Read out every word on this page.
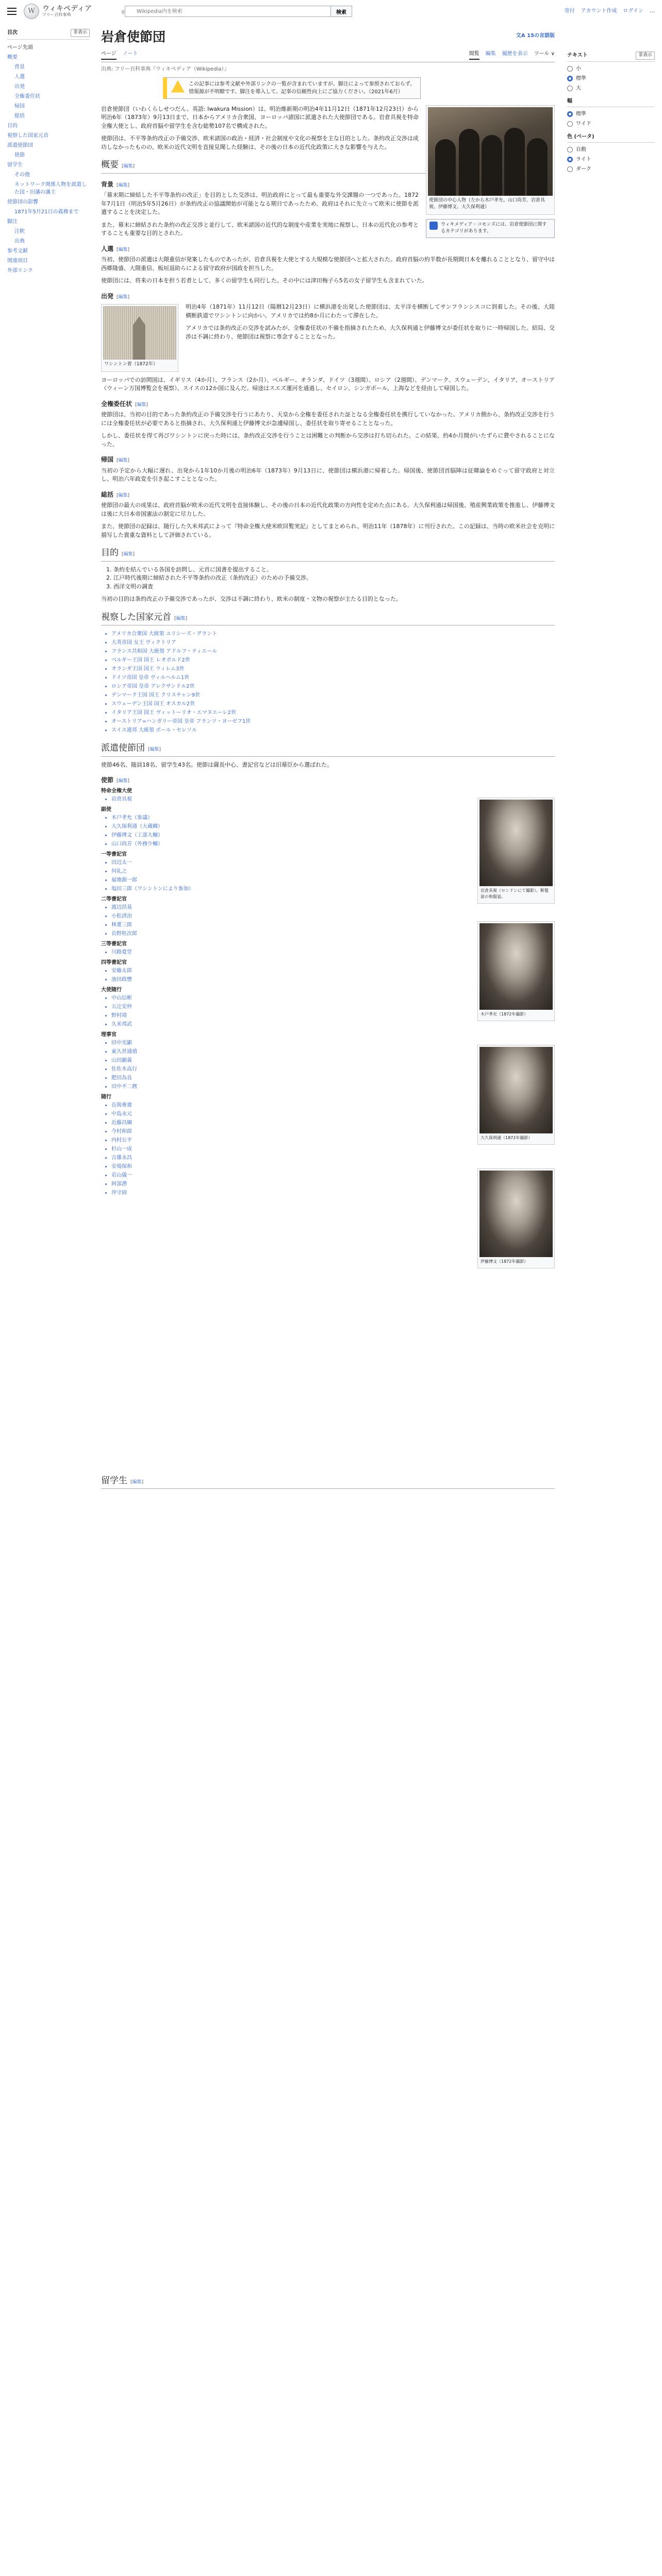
W	ウィキペディア
フリー百科事典	⚲
Wikipedia内を検索	検索	寄付 アカウント作成 ログイン …
目次	非表示
ページ先頭
概要
背景
人選
出発
全権委任状
帰国
総括
目的
視察した国家元首
派遣使節団
使節
留学生
その他
ネットワーク関係人物を派遣した国・旧藩の藩主
使節団の影響
1871年5月21日の義務まで
脚注
注釈
出典
参考文献
関連項目
外部リンク
岩倉使節団	文A 15の言語版
ページ ノート	閲覧 編集 履歴を表示 ツール ∨
出典: フリー百科事典『ウィキペディア（Wikipedia）』
この記事には参考文献や外部リンクの一覧が含まれていますが、脚注によって参照されておらず、情報源が不明瞭です。脚注を導入して、記事の信頼性向上にご協力ください。（2021年6月）
使節団の中心人物（左から木戸孝允、山口尚芳、岩倉具視、伊藤博文、大久保利通）

岩倉使節団（いわくらしせつだん、英語: Iwakura Mission）は、明治維新期の明治4年11月12日（1871年12月23日）から明治6年（1873年）9月13日まで、日本からアメリカ合衆国、ヨーロッパ諸国に派遣された大使節団である。岩倉具視を特命全権大使とし、政府首脳や留学生を含む総勢107名で構成された。

使節団は、不平等条約改正の予備交渉、欧米諸国の政治・経済・社会制度や文化の視察を主な目的とした。条約改正交渉は成功しなかったものの、欧米の近代文明を直接見聞した経験は、その後の日本の近代化政策に大きな影響を与えた。

ウィキメディア・コモンズには、岩倉使節団に関するカテゴリがあります。
概要 [編集]
背景 [編集]

「幕末期に締結した不平等条約の改正」を目的とした交渉は、明治政府にとって最も重要な外交課題の一つであった。1872年7月1日（明治5年5月26日）が条約改正の協議開始が可能となる期日であったため、政府はそれに先立って欧米に使節を派遣することを決定した。

また、幕末に締結された条約の改正交渉と並行して、欧米諸国の近代的な制度や産業を実地に視察し、日本の近代化の参考とすることも重要な目的とされた。

人選 [編集]

当初、使節団の派遣は大隈重信が発案したものであったが、岩倉具視を大使とする大規模な使節団へと拡大された。政府首脳の約半数が長期間日本を離れることとなり、留守中は西郷隆盛、大隈重信、板垣退助らによる留守政府が国政を担当した。

使節団には、将来の日本を担う若者として、多くの留学生も同行した。その中には津田梅子ら5名の女子留学生も含まれていた。

出発 [編集]
ワシントン着（1872年）

明治4年（1871年）11月12日（陽暦12月23日）に横浜港を出発した使節団は、太平洋を横断してサンフランシスコに到着した。その後、大陸横断鉄道でワシントンに向かい、アメリカでは約8か月にわたって滞在した。

アメリカでは条約改正の交渉を試みたが、全権委任状の不備を指摘されたため、大久保利通と伊藤博文が委任状を取りに一時帰国した。結局、交渉は不調に終わり、使節団は視察に専念することとなった。

ヨーロッパでの訪問国は、イギリス（4か月）、フランス（2か月）、ベルギー、オランダ、ドイツ（3週間）、ロシア（2週間）、デンマーク、スウェーデン、イタリア、オーストリア（ウィーン万国博覧会を視察）、スイスの12か国に及んだ。帰途はスエズ運河を通過し、セイロン、シンガポール、上海などを経由して帰国した。

全権委任状 [編集]

使節団は、当初の目的であった条約改正の予備交渉を行うにあたり、天皇から全権を委任された証となる全権委任状を携行していなかった。アメリカ側から、条約改正交渉を行うには全権委任状が必要であると指摘され、大久保利通と伊藤博文が急遽帰国し、委任状を取り寄せることとなった。

しかし、委任状を得て再びワシントンに戻った時には、条約改正交渉を行うことは困難との判断から交渉は打ち切られた。この結果、約4か月間がいたずらに費やされることになった。

帰国 [編集]

当初の予定から大幅に遅れ、出発から1年10か月後の明治6年（1873年）9月13日に、使節団は横浜港に帰着した。帰国後、使節団首脳陣は征韓論をめぐって留守政府と対立し、明治六年政変を引き起こすこととなった。

総括 [編集]

使節団の最大の成果は、政府首脳が欧米の近代文明を直接体験し、その後の日本の近代化政策の方向性を定めた点にある。大久保利通は帰国後、殖産興業政策を推進し、伊藤博文は後に大日本帝国憲法の制定に尽力した。

また、使節団の記録は、随行した久米邦武によって『特命全権大使米欧回覧実記』としてまとめられ、明治11年（1878年）に刊行された。この記録は、当時の欧米社会を克明に描写した貴重な資料として評価されている。

目的 [編集]
1. 条約を結んでいる各国を訪問し、元首に国書を提出すること。
2. 江戸時代後期に締結された不平等条約の改正（条約改正）のための予備交渉。
3. 西洋文明の調査

当初の目的は条約改正の予備交渉であったが、交渉は不調に終わり、欧米の制度・文物の視察が主たる目的となった。

視察した国家元首 [編集]
• アメリカ合衆国 大統領 ユリシーズ・グラント
• 大英帝国 女王 ヴィクトリア
• フランス共和国 大統領 アドルフ・ティエール
• ベルギー王国 国王 レオポルド2世
• オランダ王国 国王 ウィレム3世
• ドイツ帝国 皇帝 ヴィルヘルム1世
• ロシア帝国 皇帝 アレクサンドル2世
• デンマーク王国 国王 クリスチャン9世
• スウェーデン王国 国王 オスカル2世
• イタリア王国 国王 ヴィットーリオ・エマヌエーレ2世
• オーストリア=ハンガリー帝国 皇帝 フランツ・ヨーゼフ1世
• スイス連邦 大統領 ポール・セレソル
派遣使節団 [編集]

使節46名、随員18名、留学生43名。使節は薩長中心、書記官などは旧幕臣から選ばれた。

使節 [編集]
特命全権大使
• 岩倉具視
副使
• 木戸孝允（参議）
• 大久保利通（大蔵卿）
• 伊藤博文（工部大輔）
• 山口尚芳（外務少輔）
一等書記官
• 田辺太一
• 何礼之
• 福地源一郎
• 塩田三郎（ワシントンにより参加）
二等書記官
• 渡辺洪基
• 小松済治
• 林董三郎
• 長野桂次郎
三等書記官
• 川路寛堂
四等書記官
• 安藤太郎
• 池田政懋
大使随行
• 中山信彬
• 五辻安仲
• 野村靖
• 久米邦武
理事官
• 田中光顕
• 東久世通禧
• 山田顕義
• 佐佐木高行
• 肥田為良
• 田中不二麿
随行
• 長與專齋
• 中島永元
• 近藤昌綱
• 今村和郎
• 内村公平
• 杉山一成
• 吉雄永昌
• 安場保和
• 若山儀一
• 阿部潜
• 沖守固
岩倉具視（ロンドンにて撮影）。断髪前の和服姿。
木戸孝允（1872年撮影）
大久保利通（1872年撮影）
伊藤博文（1872年撮影）
留学生 [編集]
テキスト	非表示
小
標準
大
幅
標準
ワイド
色 (ベータ)
自動
ライト
ダーク
